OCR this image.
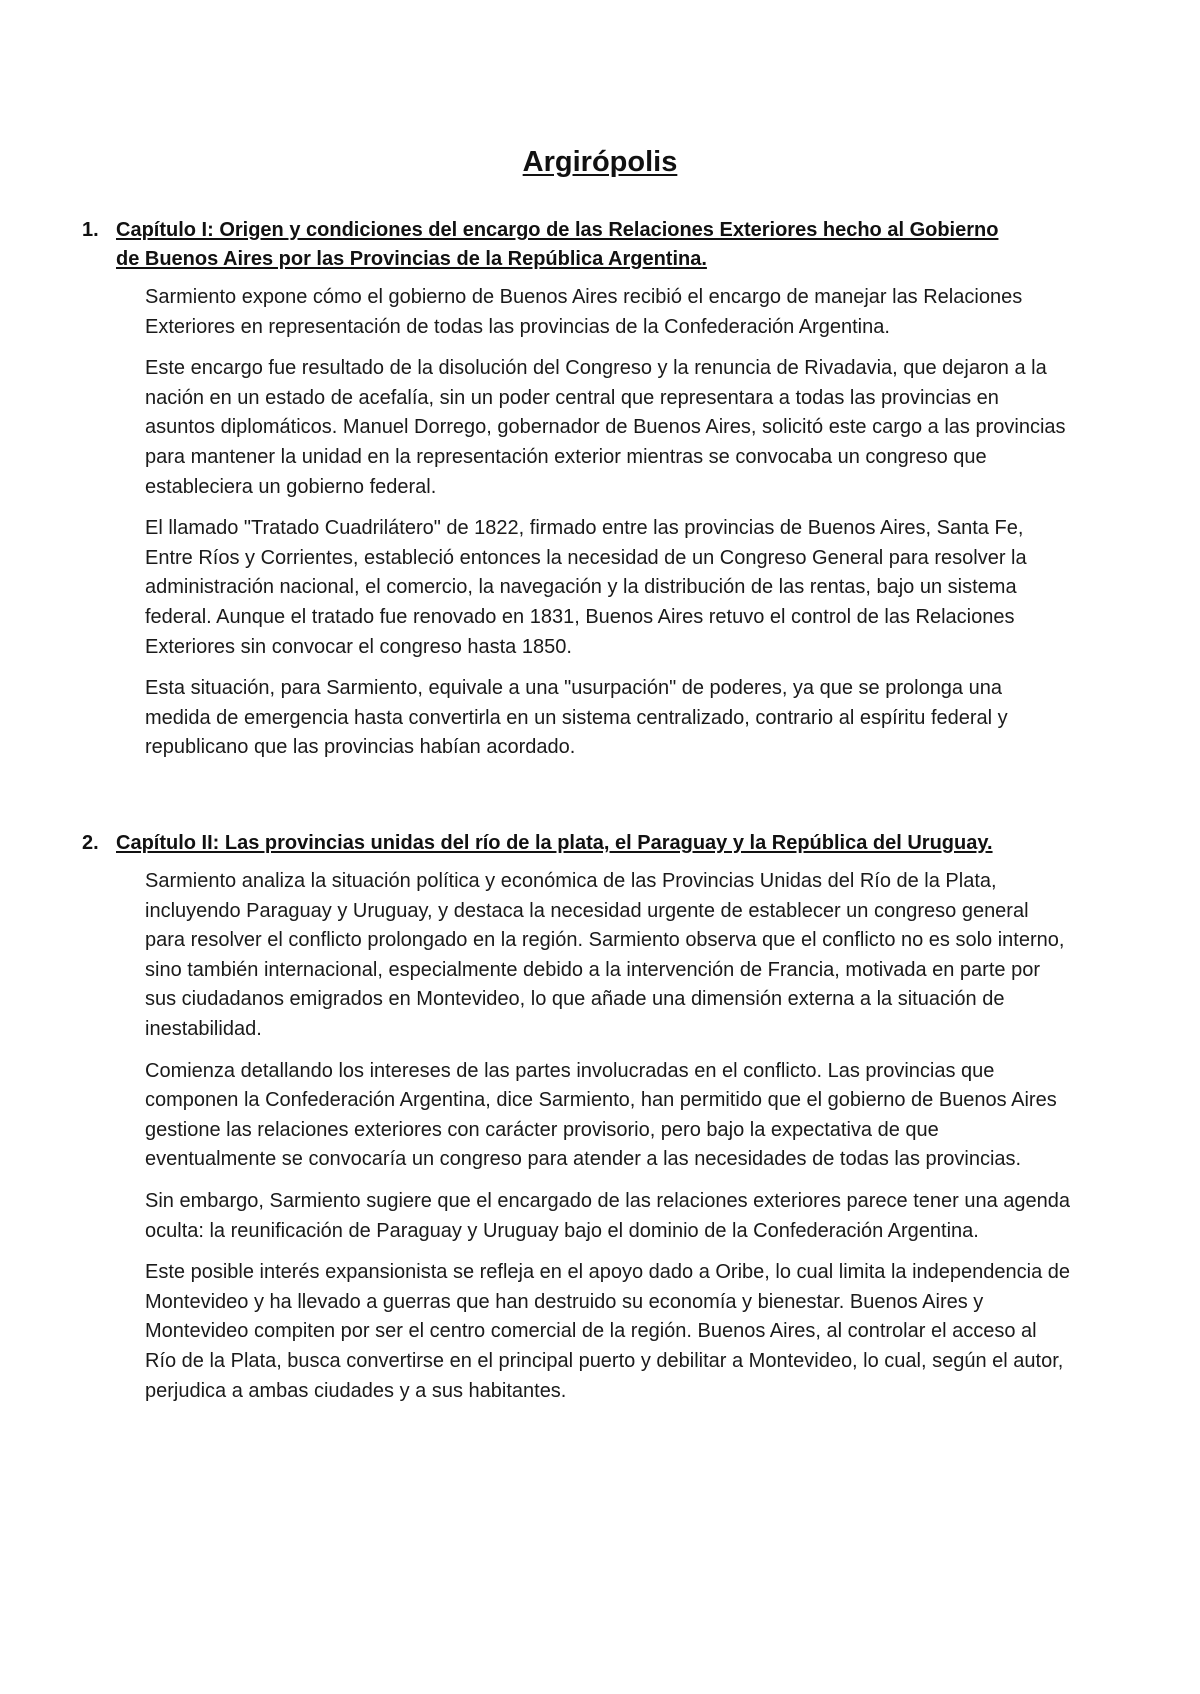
Argirópolis
1. Capítulo I: Origen y condiciones del encargo de las Relaciones Exteriores hecho al Gobierno de Buenos Aires por las Provincias de la República Argentina.

Sarmiento expone cómo el gobierno de Buenos Aires recibió el encargo de manejar las Relaciones Exteriores en representación de todas las provincias de la Confederación Argentina.

Este encargo fue resultado de la disolución del Congreso y la renuncia de Rivadavia, que dejaron a la nación en un estado de acefalía, sin un poder central que representara a todas las provincias en asuntos diplomáticos. Manuel Dorrego, gobernador de Buenos Aires, solicitó este cargo a las provincias para mantener la unidad en la representación exterior mientras se convocaba un congreso que estableciera un gobierno federal.

El llamado "Tratado Cuadrilátero" de 1822, firmado entre las provincias de Buenos Aires, Santa Fe, Entre Ríos y Corrientes, estableció entonces la necesidad de un Congreso General para resolver la administración nacional, el comercio, la navegación y la distribución de las rentas, bajo un sistema federal. Aunque el tratado fue renovado en 1831, Buenos Aires retuvo el control de las Relaciones Exteriores sin convocar el congreso hasta 1850.

Esta situación, para Sarmiento, equivale a una "usurpación" de poderes, ya que se prolonga una medida de emergencia hasta convertirla en un sistema centralizado, contrario al espíritu federal y republicano que las provincias habían acordado.

2. Capítulo II: Las provincias unidas del río de la plata, el Paraguay y la República del Uruguay.

Sarmiento analiza la situación política y económica de las Provincias Unidas del Río de la Plata, incluyendo Paraguay y Uruguay, y destaca la necesidad urgente de establecer un congreso general para resolver el conflicto prolongado en la región. Sarmiento observa que el conflicto no es solo interno, sino también internacional, especialmente debido a la intervención de Francia, motivada en parte por sus ciudadanos emigrados en Montevideo, lo que añade una dimensión externa a la situación de inestabilidad.

Comienza detallando los intereses de las partes involucradas en el conflicto. Las provincias que componen la Confederación Argentina, dice Sarmiento, han permitido que el gobierno de Buenos Aires gestione las relaciones exteriores con carácter provisorio, pero bajo la expectativa de que eventualmente se convocaría un congreso para atender a las necesidades de todas las provincias.

Sin embargo, Sarmiento sugiere que el encargado de las relaciones exteriores parece tener una agenda oculta: la reunificación de Paraguay y Uruguay bajo el dominio de la Confederación Argentina.

Este posible interés expansionista se refleja en el apoyo dado a Oribe, lo cual limita la independencia de Montevideo y ha llevado a guerras que han destruido su economía y bienestar. Buenos Aires y Montevideo compiten por ser el centro comercial de la región. Buenos Aires, al controlar el acceso al Río de la Plata, busca convertirse en el principal puerto y debilitar a Montevideo, lo cual, según el autor, perjudica a ambas ciudades y a sus habitantes.
